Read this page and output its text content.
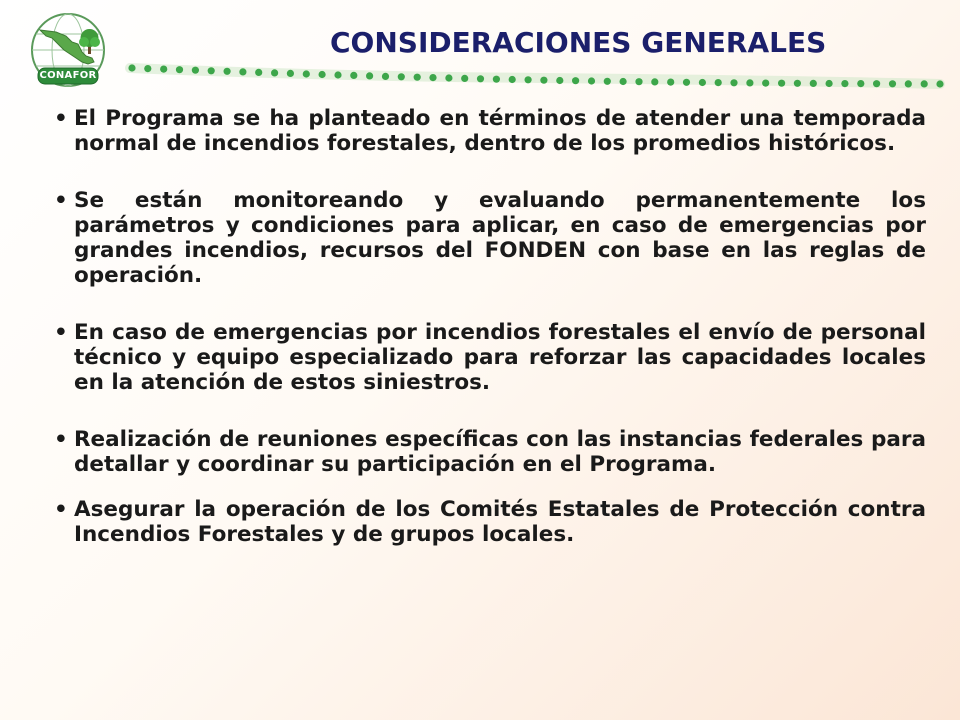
CONAFOR
CONSIDERACIONES GENERALES
• El Programa se ha planteado en términos de atender una temporada normal de incendios forestales, dentro de los promedios históricos.
• Se están monitoreando y evaluando permanentemente los parámetros y condiciones para aplicar, en caso de emergencias por grandes incendios, recursos del FONDEN con base en las reglas de operación.
• En caso de emergencias por incendios forestales el envío de personal técnico y equipo especializado para reforzar las capacidades locales en la atención de estos siniestros.
• Realización de reuniones específicas con las instancias federales para detallar y coordinar su participación en el Programa.
• Asegurar la operación de los Comités Estatales de Protección contra Incendios Forestales y de grupos locales.
